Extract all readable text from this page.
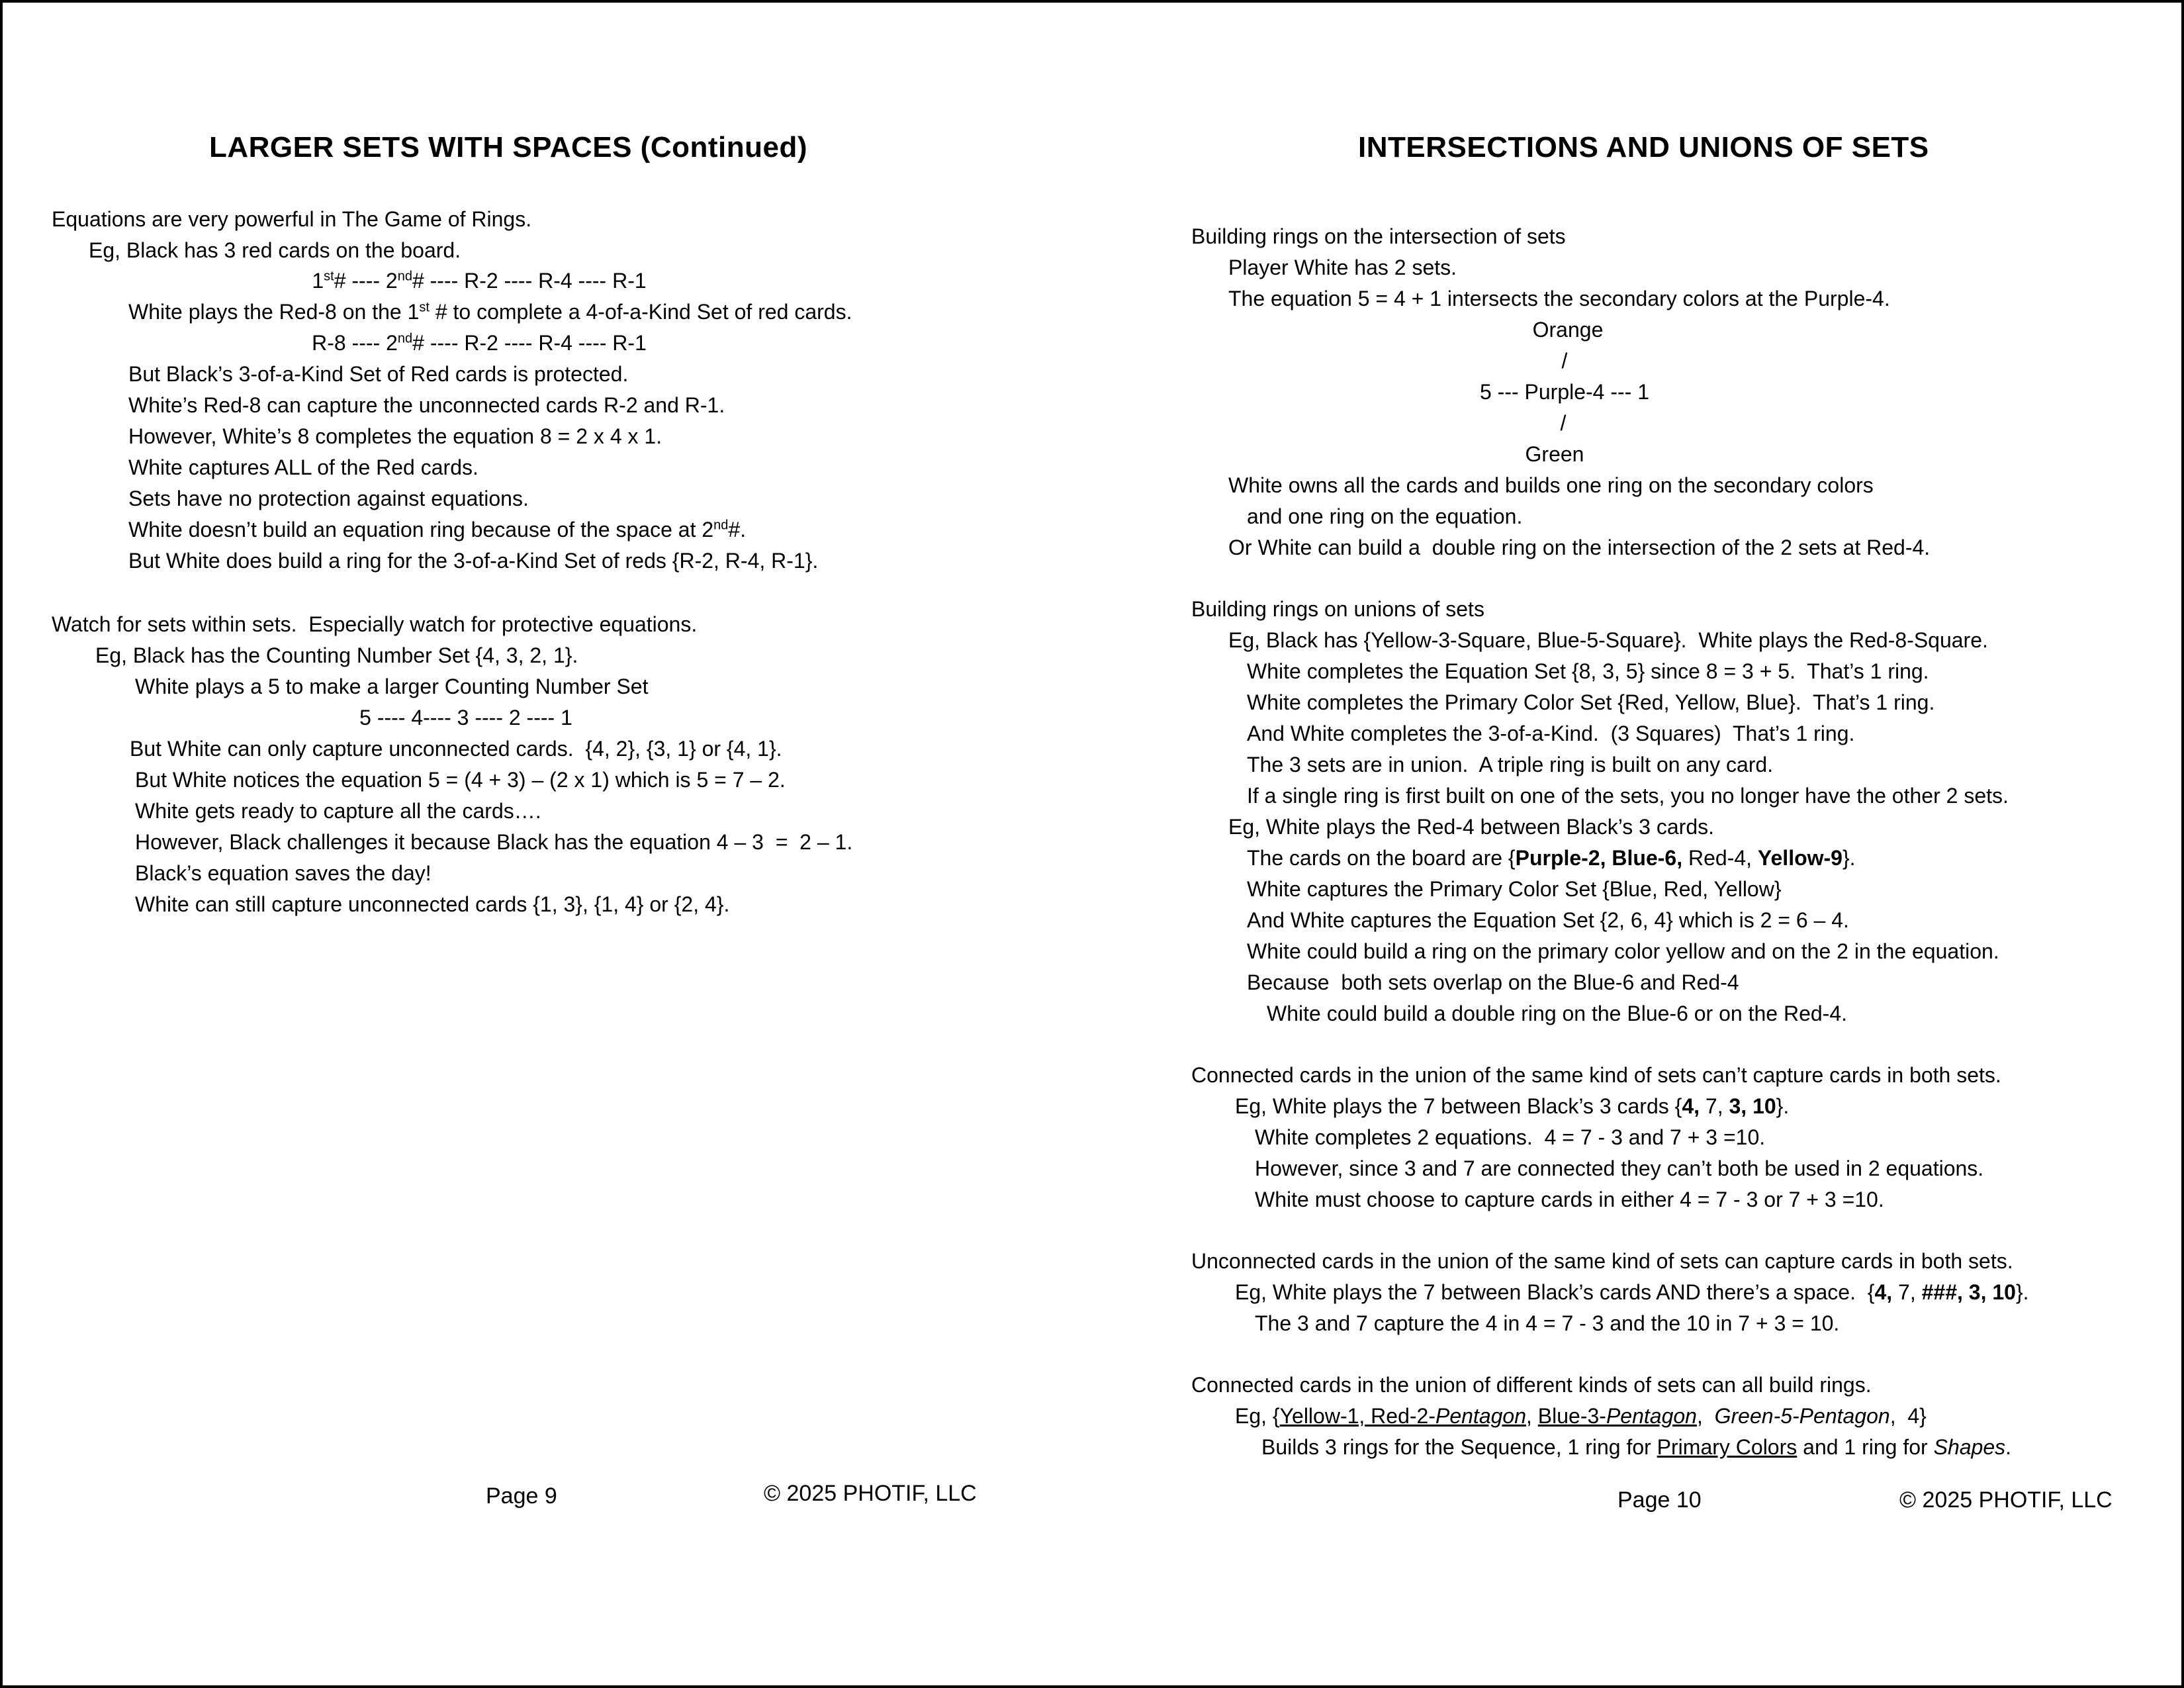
LARGER SETS WITH SPACES (Continued)
Equations are very powerful in The Game of Rings.
Eg, Black has 3 red cards on the board.
1st# ---- 2nd# ---- R-2 ---- R-4 ---- R-1
White plays the Red-8 on the 1st # to complete a 4-of-a-Kind Set of red cards.
R-8 ---- 2nd# ---- R-2 ---- R-4 ---- R-1
But Black’s 3-of-a-Kind Set of Red cards is protected.
White’s Red-8 can capture the unconnected cards R-2 and R-1.
However, White’s 8 completes the equation 8 = 2 x 4 x 1.
White captures ALL of the Red cards.
Sets have no protection against equations.
White doesn’t build an equation ring because of the space at 2nd#.
But White does build a ring for the 3-of-a-Kind Set of reds {R-2, R-4, R-1}.
Watch for sets within sets.  Especially watch for protective equations.
Eg, Black has the Counting Number Set {4, 3, 2, 1}.
White plays a 5 to make a larger Counting Number Set
5 ---- 4---- 3 ---- 2 ---- 1
But White can only capture unconnected cards.  {4, 2}, {3, 1} or {4, 1}.
But White notices the equation 5 = (4 + 3) – (2 x 1) which is 5 = 7 – 2.
White gets ready to capture all the cards….
However, Black challenges it because Black has the equation 4 – 3  =  2 – 1.
Black’s equation saves the day!
White can still capture unconnected cards {1, 3}, {1, 4} or {2, 4}.
Page 9	© 2025 PHOTIF, LLC
INTERSECTIONS AND UNIONS OF SETS
Building rings on the intersection of sets
Player White has 2 sets.
The equation 5 = 4 + 1 intersects the secondary colors at the Purple-4.
Orange
/
5 --- Purple-4 --- 1
/
Green
White owns all the cards and builds one ring on the secondary colors
and one ring on the equation.
Or White can build a  double ring on the intersection of the 2 sets at Red-4.
Building rings on unions of sets
Eg, Black has {Yellow-3-Square, Blue-5-Square}.  White plays the Red-8-Square.
White completes the Equation Set {8, 3, 5} since 8 = 3 + 5.  That’s 1 ring.
White completes the Primary Color Set {Red, Yellow, Blue}.  That’s 1 ring.
And White completes the 3-of-a-Kind.  (3 Squares)  That’s 1 ring.
The 3 sets are in union.  A triple ring is built on any card.
If a single ring is first built on one of the sets, you no longer have the other 2 sets.
Eg, White plays the Red-4 between Black’s 3 cards.
The cards on the board are {Purple-2, Blue-6, Red-4, Yellow-9}.
White captures the Primary Color Set {Blue, Red, Yellow}
And White captures the Equation Set {2, 6, 4} which is 2 = 6 – 4.
White could build a ring on the primary color yellow and on the 2 in the equation.
Because  both sets overlap on the Blue-6 and Red-4
White could build a double ring on the Blue-6 or on the Red-4.
Connected cards in the union of the same kind of sets can’t capture cards in both sets.
Eg, White plays the 7 between Black’s 3 cards {4, 7, 3, 10}.
White completes 2 equations.  4 = 7 - 3 and 7 + 3 =10.
However, since 3 and 7 are connected they can’t both be used in 2 equations.
White must choose to capture cards in either 4 = 7 - 3 or 7 + 3 =10.
Unconnected cards in the union of the same kind of sets can capture cards in both sets.
Eg, White plays the 7 between Black’s cards AND there’s a space.  {4, 7, ###, 3, 10}.
The 3 and 7 capture the 4 in 4 = 7 - 3 and the 10 in 7 + 3 = 10.
Connected cards in the union of different kinds of sets can all build rings.
Eg, {Yellow-1, Red-2-Pentagon, Blue-3-Pentagon,  Green-5-Pentagon,  4}
Builds 3 rings for the Sequence, 1 ring for Primary Colors and 1 ring for Shapes.
Page 10	© 2025 PHOTIF, LLC
